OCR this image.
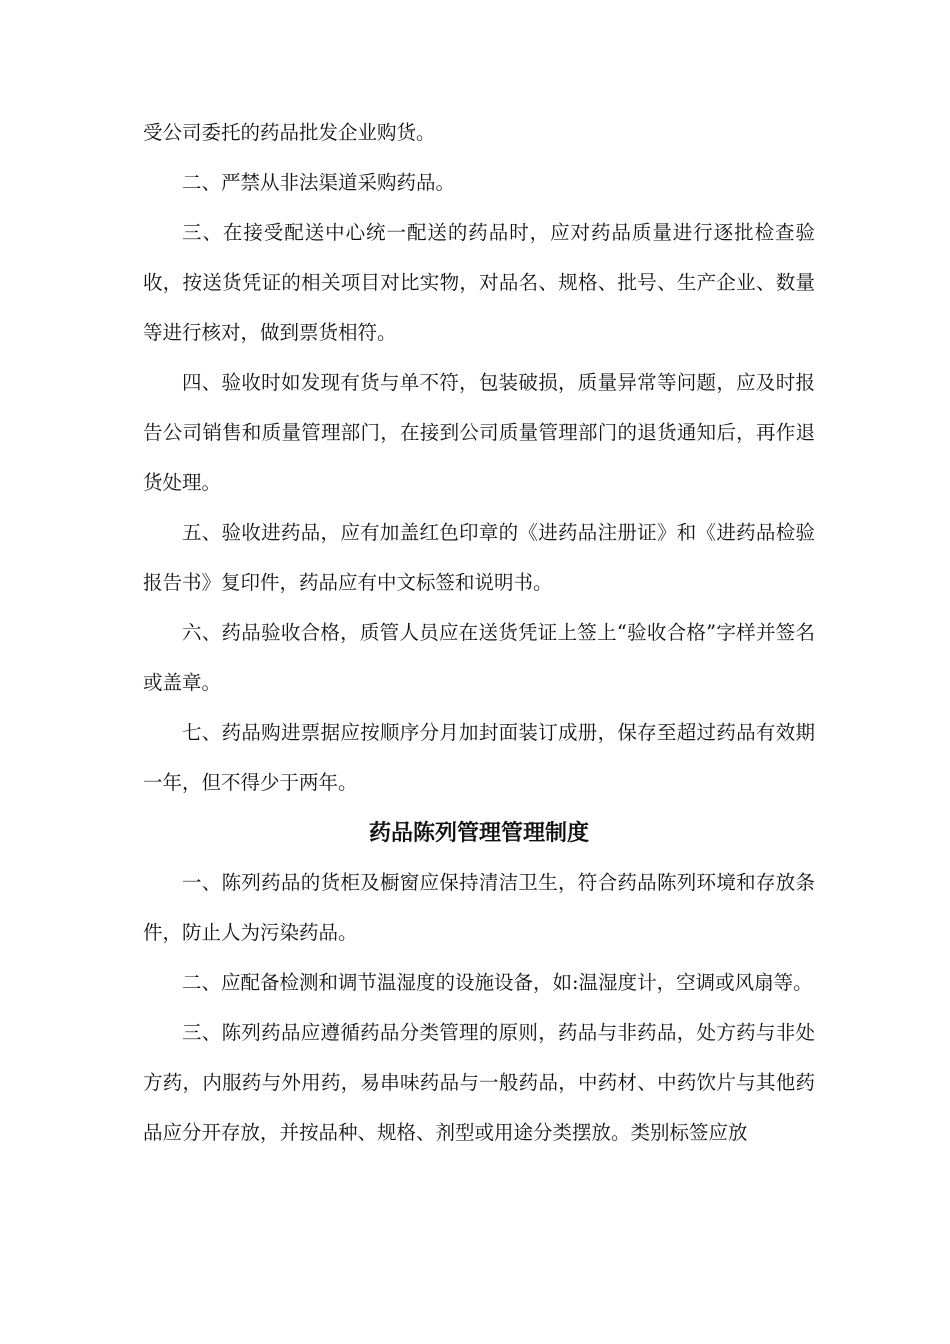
受公司委托的药品批发企业购货。

二、严禁从非法渠道采购药品。

三、在接受配送中心统一配送的药品时，应对药品质量进行逐批检查验收，按送货凭证的相关项目对比实物，对品名、规格、批号、生产企业、数量等进行核对，做到票货相符。

四、验收时如发现有货与单不符，包装破损，质量异常等问题，应及时报告公司销售和质量管理部门，在接到公司质量管理部门的退货通知后，再作退货处理。

五、验收进药品，应有加盖红色印章的《进药品注册证》和《进药品检验报告书》复印件，药品应有中文标签和说明书。

六、药品验收合格，质管人员应在送货凭证上签上“验收合格”字样并签名或盖章。

七、药品购进票据应按顺序分月加封面装订成册，保存至超过药品有效期一年，但不得少于两年。

药品陈列管理管理制度

一、陈列药品的货柜及橱窗应保持清洁卫生，符合药品陈列环境和存放条件，防止人为污染药品。

二、应配备检测和调节温湿度的设施设备，如:温湿度计，空调或风扇等。

三、陈列药品应遵循药品分类管理的原则，药品与非药品，处方药与非处方药，内服药与外用药，易串味药品与一般药品，中药材、中药饮片与其他药品应分开存放，并按品种、规格、剂型或用途分类摆放。类别标签应放
